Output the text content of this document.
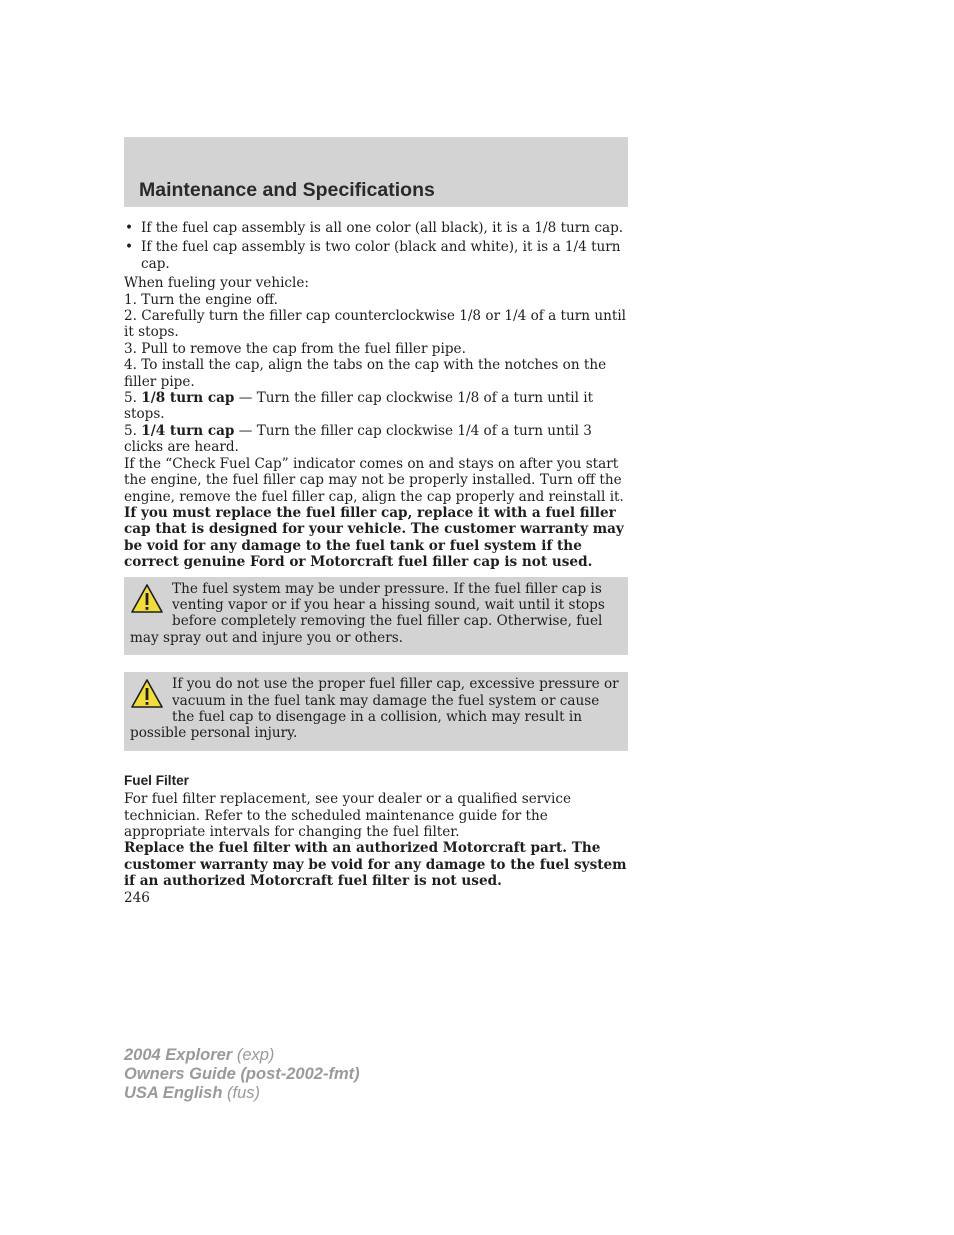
Maintenance and Specifications
• If the fuel cap assembly is all one color (all black), it is a 1/8 turn cap.
• If the fuel cap assembly is two color (black and white), it is a 1/4 turn cap.

When fueling your vehicle:

1. Turn the engine off.

2. Carefully turn the filler cap counterclockwise 1/8 or 1/4 of a turn until it stops.

3. Pull to remove the cap from the fuel filler pipe.

4. To install the cap, align the tabs on the cap with the notches on the filler pipe.

5. 1/8 turn cap — Turn the filler cap clockwise 1/8 of a turn until it stops.

5. 1/4 turn cap — Turn the filler cap clockwise 1/4 of a turn until 3 clicks are heard.

If the “Check Fuel Cap” indicator comes on and stays on after you start the engine, the fuel filler cap may not be properly installed. Turn off the engine, remove the fuel filler cap, align the cap properly and reinstall it.

If you must replace the fuel filler cap, replace it with a fuel filler cap that is designed for your vehicle. The customer warranty may be void for any damage to the fuel tank or fuel system if the correct genuine Ford or Motorcraft fuel filler cap is not used.

The fuel system may be under pressure. If the fuel filler cap is venting vapor or if you hear a hissing sound, wait until it stops before completely removing the fuel filler cap. Otherwise, fuel may spray out and injure you or others.
If you do not use the proper fuel filler cap, excessive pressure or vacuum in the fuel tank may damage the fuel system or cause the fuel cap to disengage in a collision, which may result in possible personal injury.
Fuel Filter

For fuel filter replacement, see your dealer or a qualified service technician. Refer to the scheduled maintenance guide for the appropriate intervals for changing the fuel filter.

Replace the fuel filter with an authorized Motorcraft part. The customer warranty may be void for any damage to the fuel system if an authorized Motorcraft fuel filter is not used.

246

2004 Explorer (exp)
Owners Guide (post-2002-fmt)
USA English (fus)
